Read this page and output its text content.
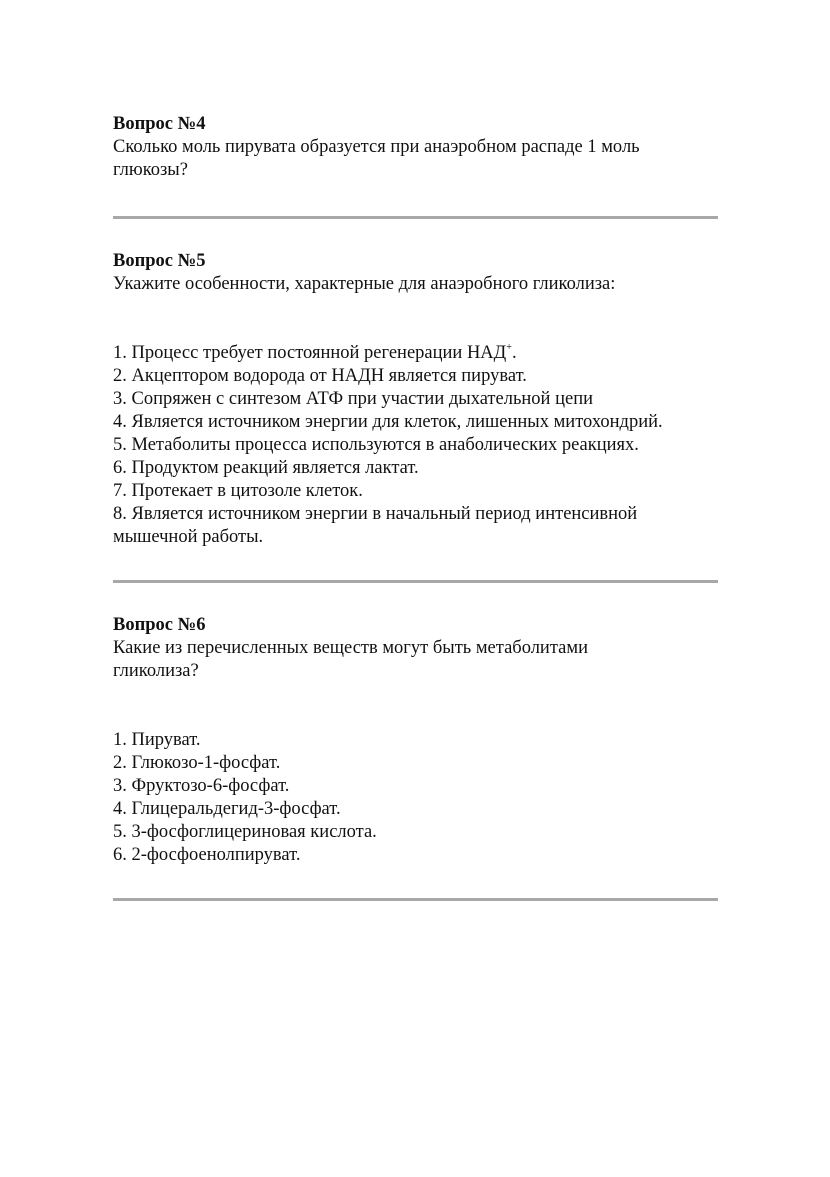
Вопрос №4

Сколько моль пирувата образуется при анаэробном распаде 1 моль глюкозы?

Вопрос №5

Укажите особенности, характерные для анаэробного гликолиза:

1. Процесс требует постоянной регенерации НАД+.
2. Акцептором водорода от НАДН является пируват.
3. Сопряжен с синтезом АТФ при участии дыхательной цепи
4. Является источником энергии для клеток, лишенных митохондрий.
5. Метаболиты процесса используются в анаболических реакциях.
6. Продуктом реакций является лактат.
7. Протекает в цитозоле клеток.
8. Является источником энергии в начальный период интенсивной мышечной работы.

Вопрос №6

Какие из перечисленных веществ могут быть метаболитами гликолиза?

1. Пируват.
2. Глюкозо-1-фосфат.
3. Фруктозо-6-фосфат.
4. Глицеральдегид-3-фосфат.
5. 3-фосфоглицериновая кислота.
6. 2-фосфоенолпируват.
